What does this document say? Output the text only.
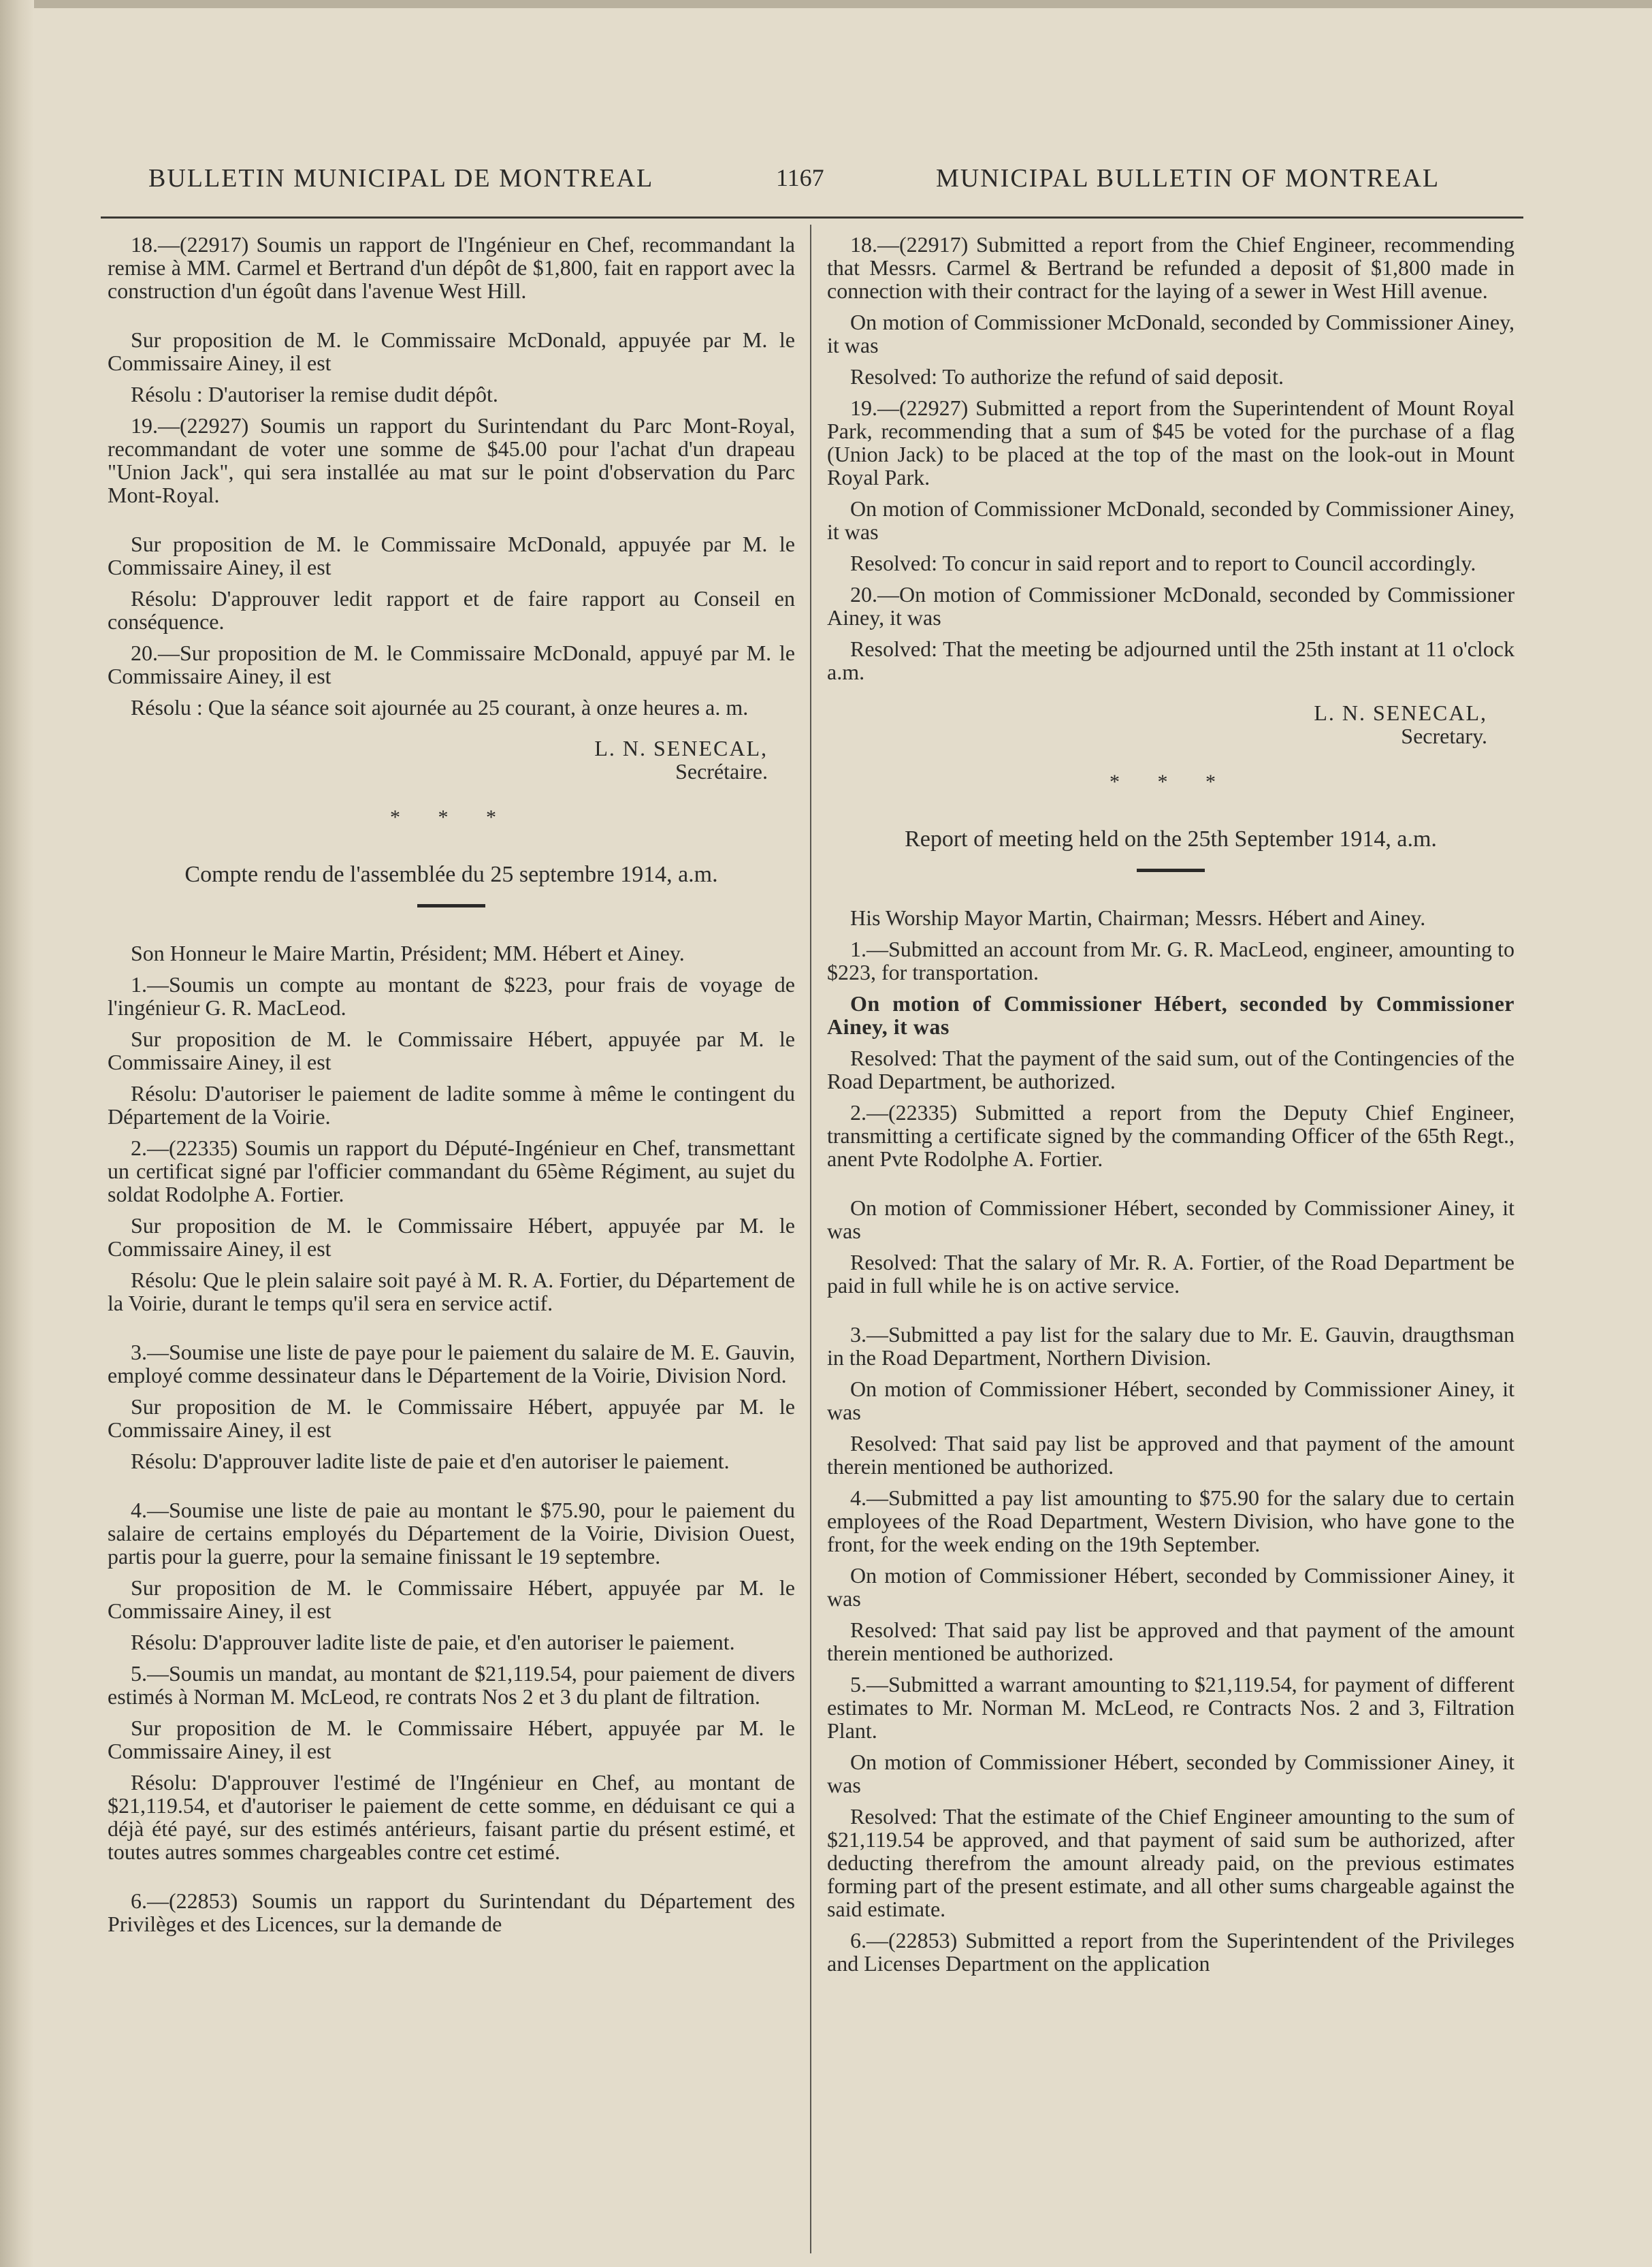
BULLETIN MUNICIPAL DE MONTREAL	1167	MUNICIPAL BULLETIN OF MONTREAL

18.—(22917) Soumis un rapport de l'Ingénieur en Chef, recommandant la remise à MM. Carmel et Bertrand d'un dépôt de $1,800, fait en rapport avec la construction d'un égoût dans l'avenue West Hill.

Sur proposition de M. le Commissaire McDonald, appuyée par M. le Commissaire Ainey, il est

Résolu : D'autoriser la remise dudit dépôt.

19.—(22927) Soumis un rapport du Surintendant du Parc Mont-Royal, recommandant de voter une somme de $45.00 pour l'achat d'un drapeau "Union Jack", qui sera installée au mat sur le point d'observation du Parc Mont-Royal.

Sur proposition de M. le Commissaire McDonald, appuyée par M. le Commissaire Ainey, il est

Résolu: D'approuver ledit rapport et de faire rapport au Conseil en conséquence.

20.—Sur proposition de M. le Commissaire McDonald, appuyé par M. le Commissaire Ainey, il est

Résolu : Que la séance soit ajournée au 25 courant, à onze heures a. m.

L. N. SENECAL,
Secrétaire.
* * *
Compte rendu de l'assemblée du 25 septembre 1914, a.m.

Son Honneur le Maire Martin, Président; MM. Hébert et Ainey.

1.—Soumis un compte au montant de $223, pour frais de voyage de l'ingénieur G. R. MacLeod.

Sur proposition de M. le Commissaire Hébert, appuyée par M. le Commissaire Ainey, il est

Résolu: D'autoriser le paiement de ladite somme à même le contingent du Département de la Voirie.

2.—(22335) Soumis un rapport du Député-Ingénieur en Chef, transmettant un certificat signé par l'officier commandant du 65ème Régiment, au sujet du soldat Rodolphe A. Fortier.

Sur proposition de M. le Commissaire Hébert, appuyée par M. le Commissaire Ainey, il est

Résolu: Que le plein salaire soit payé à M. R. A. Fortier, du Département de la Voirie, durant le temps qu'il sera en service actif.

3.—Soumise une liste de paye pour le paiement du salaire de M. E. Gauvin, employé comme dessinateur dans le Département de la Voirie, Division Nord.

Sur proposition de M. le Commissaire Hébert, appuyée par M. le Commissaire Ainey, il est

Résolu: D'approuver ladite liste de paie et d'en autoriser le paiement.

4.—Soumise une liste de paie au montant le $75.90, pour le paiement du salaire de certains employés du Département de la Voirie, Division Ouest, partis pour la guerre, pour la semaine finissant le 19 septembre.

Sur proposition de M. le Commissaire Hébert, appuyée par M. le Commissaire Ainey, il est

Résolu: D'approuver ladite liste de paie, et d'en autoriser le paiement.

5.—Soumis un mandat, au montant de $21,119.54, pour paiement de divers estimés à Norman M. McLeod, re contrats Nos 2 et 3 du plant de filtration.

Sur proposition de M. le Commissaire Hébert, appuyée par M. le Commissaire Ainey, il est

Résolu: D'approuver l'estimé de l'Ingénieur en Chef, au montant de $21,119.54, et d'autoriser le paiement de cette somme, en déduisant ce qui a déjà été payé, sur des estimés antérieurs, faisant partie du présent estimé, et toutes autres sommes chargeables contre cet estimé.

6.—(22853) Soumis un rapport du Surintendant du Département des Privilèges et des Licences, sur la demande de

18.—(22917) Submitted a report from the Chief Engineer, recommending that Messrs. Carmel & Bertrand be refunded a deposit of $1,800 made in connection with their contract for the laying of a sewer in West Hill avenue.

On motion of Commissioner McDonald, seconded by Commissioner Ainey, it was

Resolved: To authorize the refund of said deposit.

19.—(22927) Submitted a report from the Superintendent of Mount Royal Park, recommending that a sum of $45 be voted for the purchase of a flag (Union Jack) to be placed at the top of the mast on the look-out in Mount Royal Park.

On motion of Commissioner McDonald, seconded by Commissioner Ainey, it was

Resolved: To concur in said report and to report to Council accordingly.

20.—On motion of Commissioner McDonald, seconded by Commissioner Ainey, it was

Resolved: That the meeting be adjourned until the 25th instant at 11 o'clock a.m.

L. N. SENECAL,
Secretary.
* * *
Report of meeting held on the 25th September 1914, a.m.

His Worship Mayor Martin, Chairman; Messrs. Hébert and Ainey.

1.—Submitted an account from Mr. G. R. MacLeod, engineer, amounting to $223, for transportation.

On motion of Commissioner Hébert, seconded by Commissioner Ainey, it was

Resolved: That the payment of the said sum, out of the Contingencies of the Road Department, be authorized.

2.—(22335) Submitted a report from the Deputy Chief Engineer, transmitting a certificate signed by the commanding Officer of the 65th Regt., anent Pvte Rodolphe A. Fortier.

On motion of Commissioner Hébert, seconded by Commissioner Ainey, it was

Resolved: That the salary of Mr. R. A. Fortier, of the Road Department be paid in full while he is on active service.

3.—Submitted a pay list for the salary due to Mr. E. Gauvin, draugthsman in the Road Department, Northern Division.

On motion of Commissioner Hébert, seconded by Commissioner Ainey, it was

Resolved: That said pay list be approved and that payment of the amount therein mentioned be authorized.

4.—Submitted a pay list amounting to $75.90 for the salary due to certain employees of the Road Department, Western Division, who have gone to the front, for the week ending on the 19th September.

On motion of Commissioner Hébert, seconded by Commissioner Ainey, it was

Resolved: That said pay list be approved and that payment of the amount therein mentioned be authorized.

5.—Submitted a warrant amounting to $21,119.54, for payment of different estimates to Mr. Norman M. McLeod, re Contracts Nos. 2 and 3, Filtration Plant.

On motion of Commissioner Hébert, seconded by Commissioner Ainey, it was

Resolved: That the estimate of the Chief Engineer amounting to the sum of $21,119.54 be approved, and that payment of said sum be authorized, after deducting therefrom the amount already paid, on the previous estimates forming part of the present estimate, and all other sums chargeable against the said estimate.

6.—(22853) Submitted a report from the Superintendent of the Privileges and Licenses Department on the application
